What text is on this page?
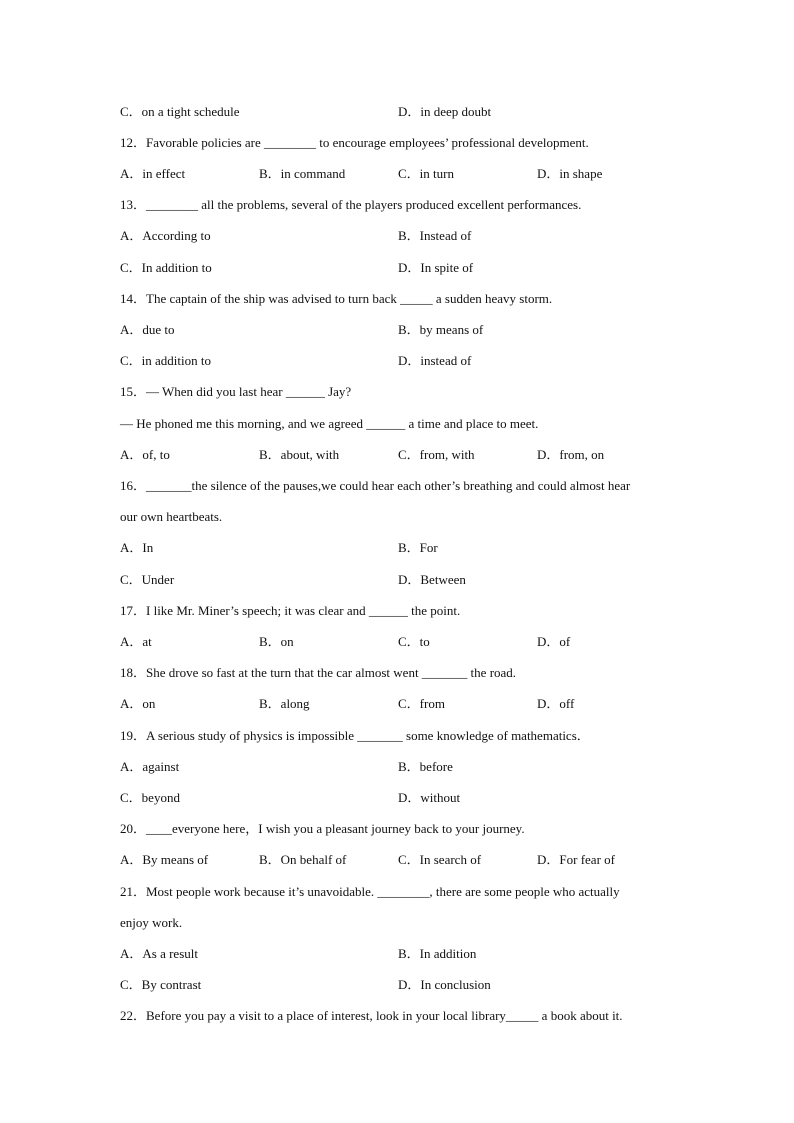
C．on a tight schedule	D．in deep doubt
12．Favorable policies are ________ to encourage employees’ professional development.
A．in effect	B．in command	C．in turn	D．in shape
13．________ all the problems, several of the players produced excellent performances.
A．According to	B．Instead of
C．In addition to	D．In spite of
14．The captain of the ship was advised to turn back _____ a sudden heavy storm.
A．due to	B．by means of
C．in addition to	D．instead of
15．— When did you last hear ______ Jay?
— He phoned me this morning, and we agreed ______ a time and place to meet.
A．of, to	B．about, with	C．from, with	D．from, on
16．_______the silence of the pauses,we could hear each other’s breathing and could almost hear
our own heartbeats.
A．In	B．For
C．Under	D．Between
17．I like Mr. Miner’s speech; it was clear and ______ the point.
A．at	B．on	C．to	D．of
18．She drove so fast at the turn that the car almost went _______ the road.
A．on	B．along	C．from	D．off
19．A serious study of physics is impossible _______ some knowledge of mathematics．
A．against	B．before
C．beyond	D．without
20．____everyone here，I wish you a pleasant journey back to your journey.
A．By means of	B．On behalf of	C．In search of	D．For fear of
21．Most people work because it’s unavoidable. ________, there are some people who actually
enjoy work.
A．As a result	B．In addition
C．By contrast	D．In conclusion
22．Before you pay a visit to a place of interest, look in your local library_____ a book about it.
